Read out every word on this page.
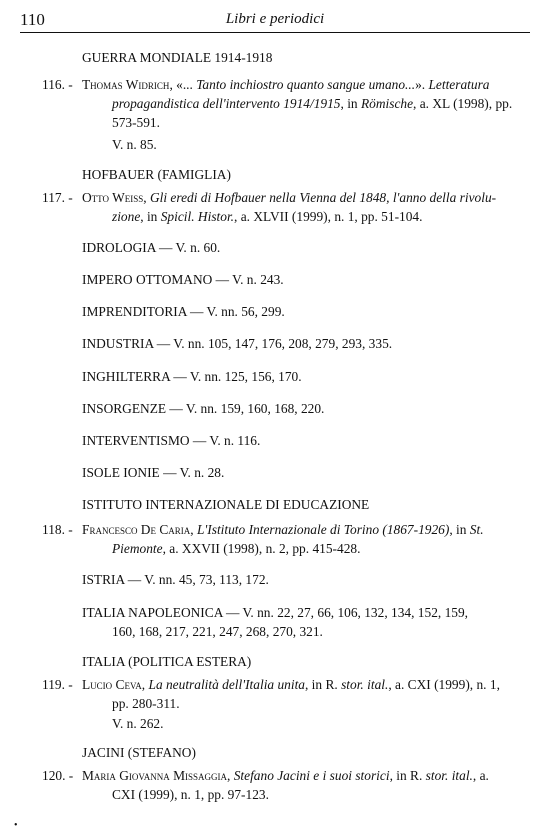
110	Libri e periodici
GUERRA MONDIALE 1914-1918
116. -Thomas Widrich, «... Tanto inchiostro quanto sangue umano...». Letteratura
propagandistica dell'intervento 1914/1915, in Römische, a. XL (1998), pp.
573-591.
V. n. 85.
HOFBAUER (FAMIGLIA)
117. -Otto Weiss, Gli eredi di Hofbauer nella Vienna del 1848, l'anno della rivolu-
zione, in Spicil. Histor., a. XLVII (1999), n. 1, pp. 51-104.
IDROLOGIA — V. n. 60.
IMPERO OTTOMANO — V. n. 243.
IMPRENDITORIA — V. nn. 56, 299.
INDUSTRIA — V. nn. 105, 147, 176, 208, 279, 293, 335.
INGHILTERRA — V. nn. 125, 156, 170.
INSORGENZE — V. nn. 159, 160, 168, 220.
INTERVENTISMO — V. n. 116.
ISOLE IONIE — V. n. 28.
ISTITUTO INTERNAZIONALE DI EDUCAZIONE
118. -Francesco De Caria, L'Istituto Internazionale di Torino (1867-1926), in St.
Piemonte, a. XXVII (1998), n. 2, pp. 415-428.
ISTRIA — V. nn. 45, 73, 113, 172.
ITALIA NAPOLEONICA — V. nn. 22, 27, 66, 106, 132, 134, 152, 159,
160, 168, 217, 221, 247, 268, 270, 321.
ITALIA (POLITICA ESTERA)
119. -Lucio Ceva, La neutralità dell'Italia unita, in R. stor. ital., a. CXI (1999), n. 1,
pp. 280-311.
V. n. 262.
JACINI (STEFANO)
120. -Maria Giovanna Missaggia, Stefano Jacini e i suoi storici, in R. stor. ital., a.
CXI (1999), n. 1, pp. 97-123.
•
